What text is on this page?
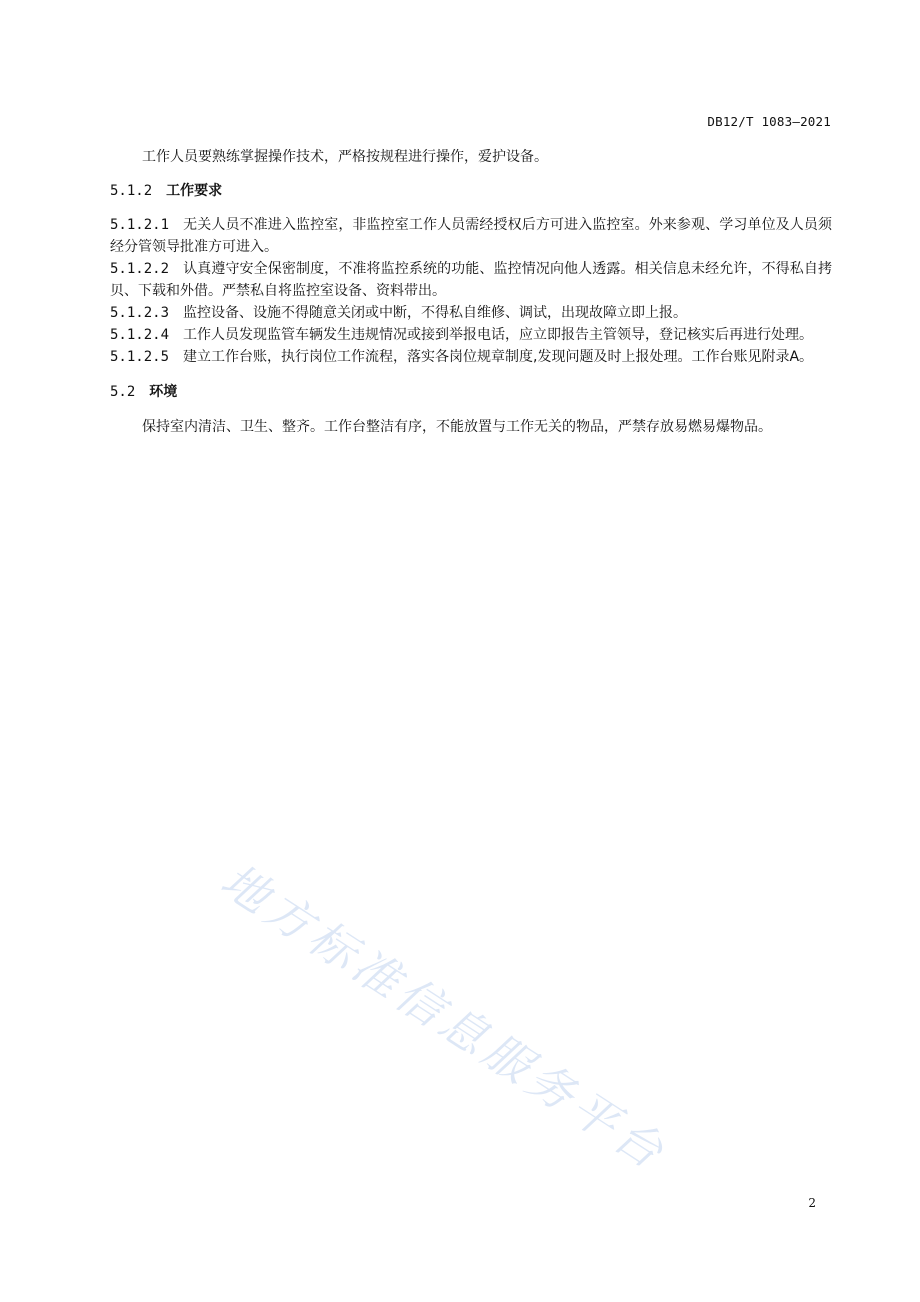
DB12/T 1083—2021

工作人员要熟练掌握操作技术，严格按规程进行操作，爱护设备。

5.1.2 工作要求

5.1.2.1 无关人员不准进入监控室，非监控室工作人员需经授权后方可进入监控室。外来参观、学习单位及人员须经分管领导批准方可进入。

5.1.2.2 认真遵守安全保密制度，不准将监控系统的功能、监控情况向他人透露。相关信息未经允许，不得私自拷贝、下载和外借。严禁私自将监控室设备、资料带出。

5.1.2.3 监控设备、设施不得随意关闭或中断，不得私自维修、调试，出现故障立即上报。

5.1.2.4 工作人员发现监管车辆发生违规情况或接到举报电话，应立即报告主管领导，登记核实后再进行处理。

5.1.2.5 建立工作台账，执行岗位工作流程，落实各岗位规章制度,发现问题及时上报处理。工作台账见附录A。

5.2 环境

保持室内清洁、卫生、整齐。工作台整洁有序，不能放置与工作无关的物品，严禁存放易燃易爆物品。

地方标准信息服务平台
2
